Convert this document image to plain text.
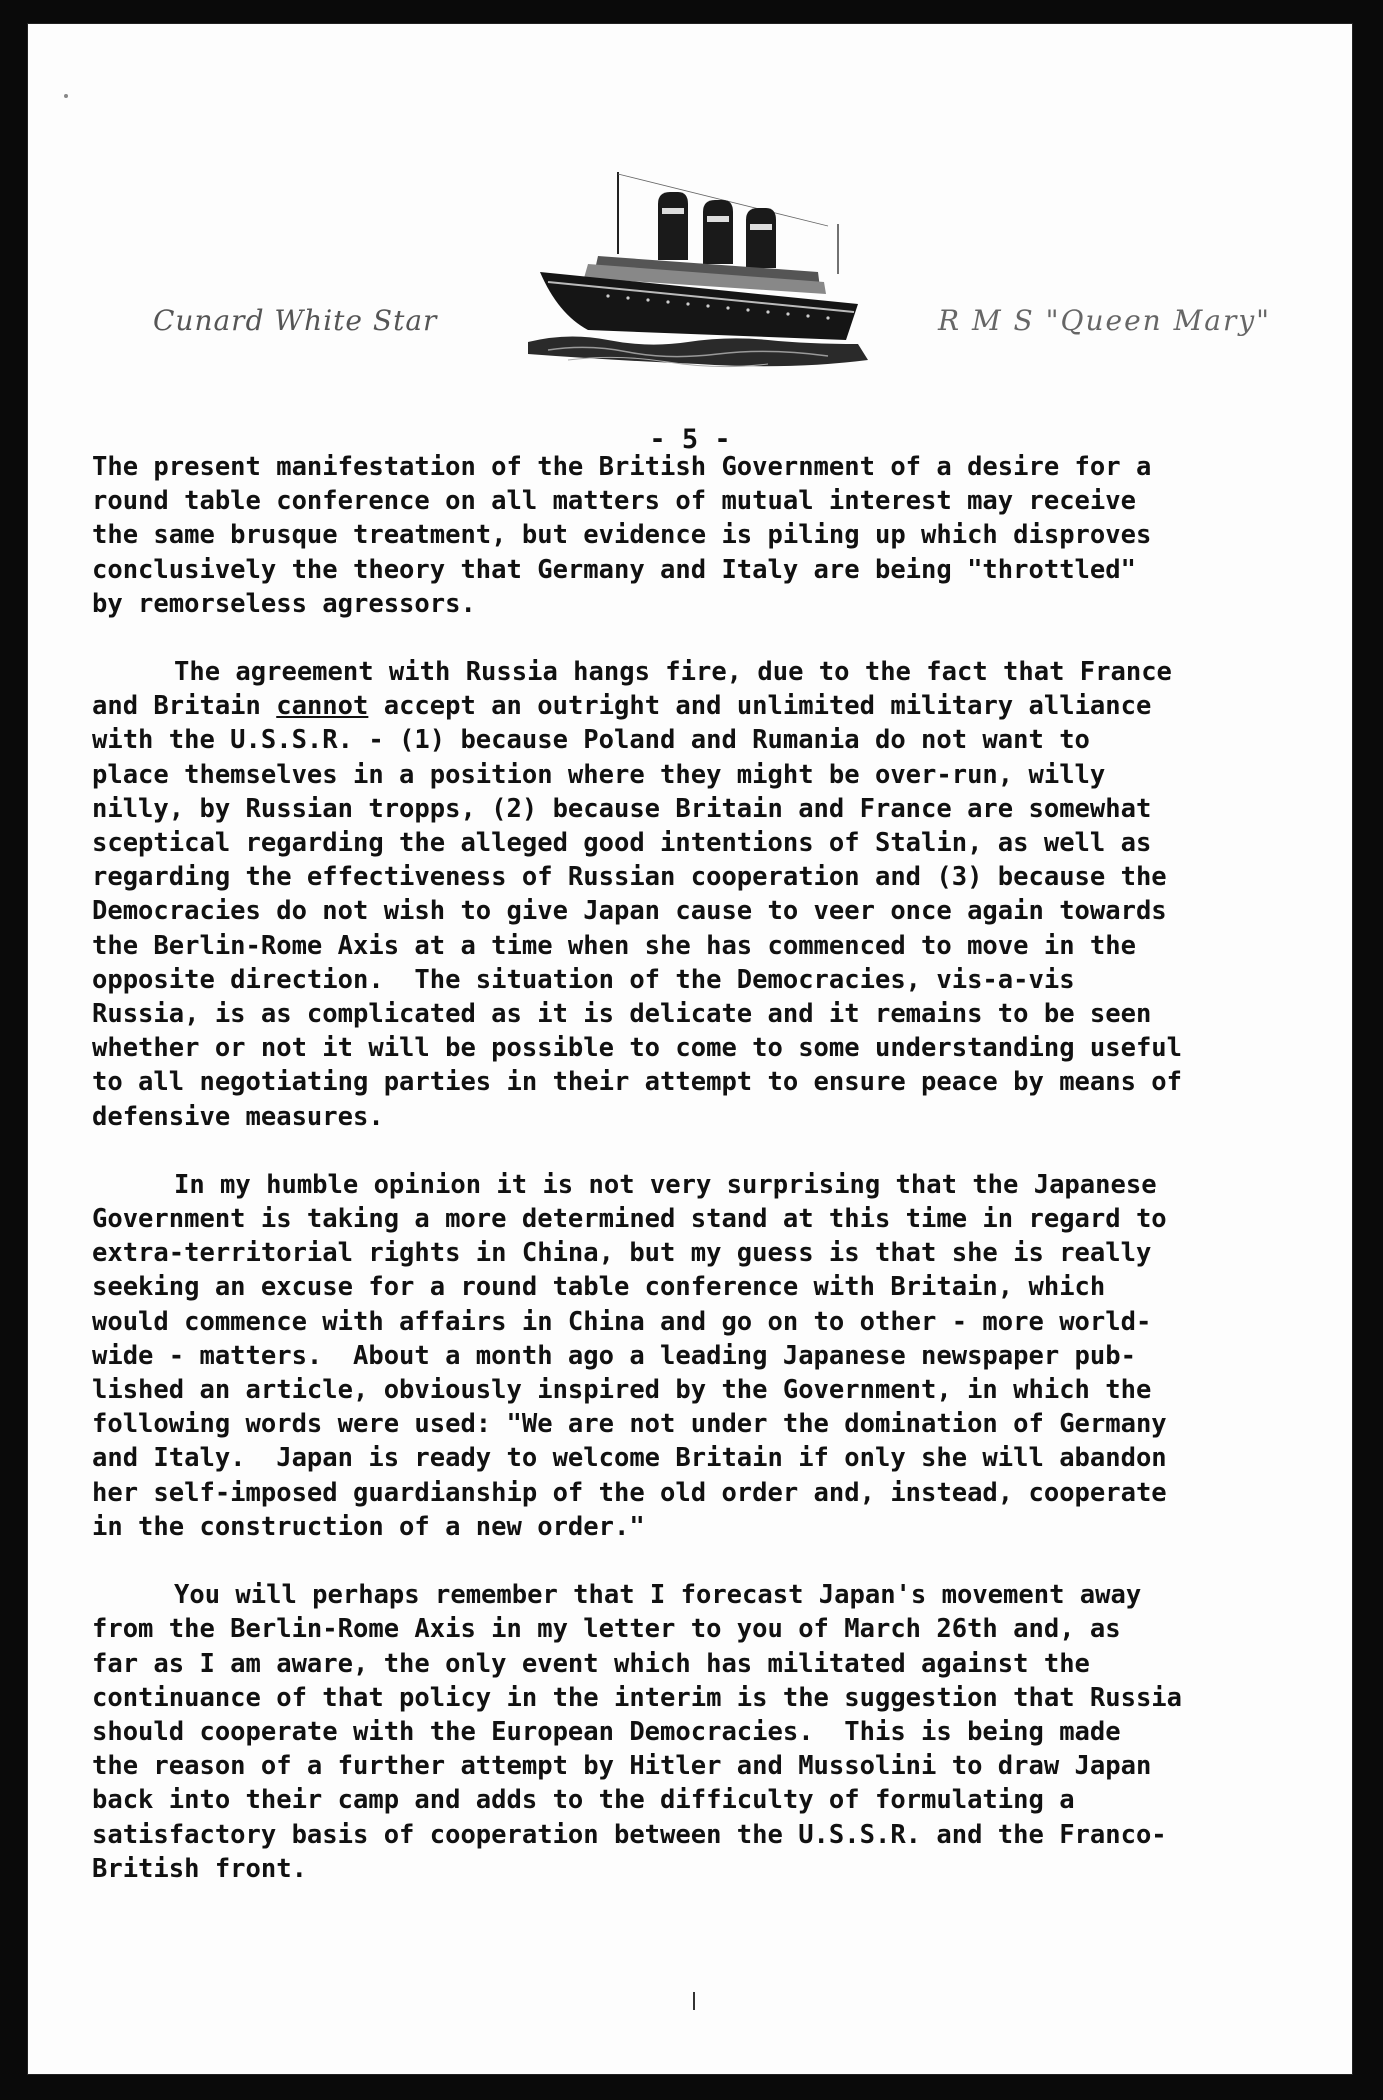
Cunard White Star	R M S "Queen Mary"
- 5 -

The present manifestation of the British Government of a desire for a
round table conference on all matters of mutual interest may receive
the same brusque treatment, but evidence is piling up which disproves
conclusively the theory that Germany and Italy are being "throttled"
by remorseless agressors.

The agreement with Russia hangs fire, due to the fact that France
and Britain cannot accept an outright and unlimited military alliance
with the U.S.S.R. - (1) because Poland and Rumania do not want to
place themselves in a position where they might be over-run, willy
nilly, by Russian tropps, (2) because Britain and France are somewhat
sceptical regarding the alleged good intentions of Stalin, as well as
regarding the effectiveness of Russian cooperation and (3) because the
Democracies do not wish to give Japan cause to veer once again towards
the Berlin-Rome Axis at a time when she has commenced to move in the
opposite direction.  The situation of the Democracies, vis-a-vis
Russia, is as complicated as it is delicate and it remains to be seen
whether or not it will be possible to come to some understanding useful
to all negotiating parties in their attempt to ensure peace by means of
defensive measures.

In my humble opinion it is not very surprising that the Japanese
Government is taking a more determined stand at this time in regard to
extra-territorial rights in China, but my guess is that she is really
seeking an excuse for a round table conference with Britain, which
would commence with affairs in China and go on to other - more world-
wide - matters.  About a month ago a leading Japanese newspaper pub-
lished an article, obviously inspired by the Government, in which the
following words were used: "We are not under the domination of Germany
and Italy.  Japan is ready to welcome Britain if only she will abandon
her self-imposed guardianship of the old order and, instead, cooperate
in the construction of a new order."

You will perhaps remember that I forecast Japan's movement away
from the Berlin-Rome Axis in my letter to you of March 26th and, as
far as I am aware, the only event which has militated against the
continuance of that policy in the interim is the suggestion that Russia
should cooperate with the European Democracies.  This is being made
the reason of a further attempt by Hitler and Mussolini to draw Japan
back into their camp and adds to the difficulty of formulating a
satisfactory basis of cooperation between the U.S.S.R. and the Franco-
British front.
